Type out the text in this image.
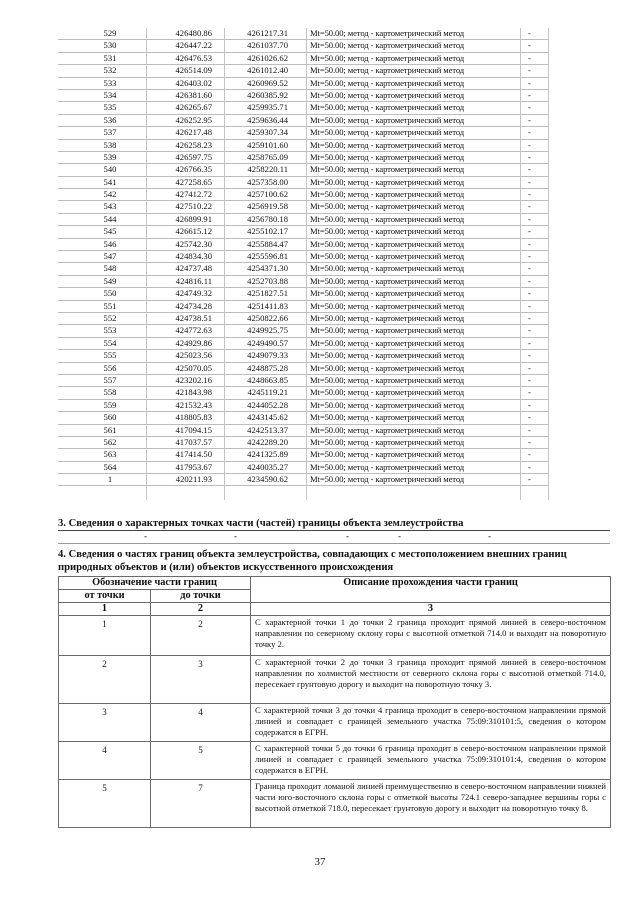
529	426480.86	4261217.31	Mt=50.00; метод - картометрический метод	-
530	426447.22	4261037.70	Mt=50.00; метод - картометрический метод	-
531	426476.53	4261026.62	Mt=50.00; метод - картометрический метод	-
532	426514.09	4261012.40	Mt=50.00; метод - картометрический метод	-
533	426403.02	4260969.52	Mt=50.00; метод - картометрический метод	-
534	426381.60	4260385.92	Mt=50.00; метод - картометрический метод	-
535	426265.67	4259935.71	Mt=50.00; метод - картометрический метод	-
536	426252.95	4259636.44	Mt=50.00; метод - картометрический метод	-
537	426217.48	4259307.34	Mt=50.00; метод - картометрический метод	-
538	426258.23	4259101.60	Mt=50.00; метод - картометрический метод	-
539	426597.75	4258765.09	Mt=50.00; метод - картометрический метод	-
540	426766.35	4258220.11	Mt=50.00; метод - картометрический метод	-
541	427258.65	4257358.00	Mt=50.00; метод - картометрический метод	-
542	427412.72	4257100.62	Mt=50.00; метод - картометрический метод	-
543	427510.22	4256919.58	Mt=50.00; метод - картометрический метод	-
544	426899.91	4256780.18	Mt=50.00; метод - картометрический метод	-
545	426615.12	4255102.17	Mt=50.00; метод - картометрический метод	-
546	425742.30	4255884.47	Mt=50.00; метод - картометрический метод	-
547	424834.30	4255596.81	Mt=50.00; метод - картометрический метод	-
548	424737.48	4254371.30	Mt=50.00; метод - картометрический метод	-
549	424816.11	4252703.88	Mt=50.00; метод - картометрический метод	-
550	424749.32	4251827.51	Mt=50.00; метод - картометрический метод	-
551	424734.28	4251411.83	Mt=50.00; метод - картометрический метод	-
552	424738.51	4250822.66	Mt=50.00; метод - картометрический метод	-
553	424772.63	4249925.75	Mt=50.00; метод - картометрический метод	-
554	424929.86	4249490.57	Mt=50.00; метод - картометрический метод	-
555	425023.56	4249079.33	Mt=50.00; метод - картометрический метод	-
556	425070.05	4248875.28	Mt=50.00; метод - картометрический метод	-
557	423202.16	4248663.85	Mt=50.00; метод - картометрический метод	-
558	421843.98	4245119.21	Mt=50.00; метод - картометрический метод	-
559	421532.43	4244052.28	Mt=50.00; метод - картометрический метод	-
560	418805.83	4243145.62	Mt=50.00; метод - картометрический метод	-
561	417094.15	4242513.37	Mt=50.00; метод - картометрический метод	-
562	417037.57	4242289.20	Mt=50.00; метод - картометрический метод	-
563	417414.50	4241325.89	Mt=50.00; метод - картометрический метод	-
564	417953.67	4240035.27	Mt=50.00; метод - картометрический метод	-
1	420211.93	4234590.62	Mt=50.00; метод - картометрический метод	-
3. Сведения о характерных точках части (частей) границы объекта землеустройства
-	-	-	-	-
4. Сведения о частях границ объекта землеустройства, совпадающих с местоположением внешних границ природных объектов и (или) объектов искусственного происхождения
Обозначение части границ		Описание прохождения части границ
от точки	до точки	
1	2	3
1	2	С характерной точки 1 до точки 2 граница проходит прямой линией в северо-восточном направлении по северному склону горы с высотной отметкой 714.0 и выходит на поворотную точку 2.
2	3	С характерной точки 2 до точки 3 граница проходит прямой линией в северо-восточном направлении по холмистой местности от северного склона горы с высотной отметкой 714.0, пересекает грунтовую дорогу и выходит на поворотную точку 3.
3	4	С характерной точки 3 до точки 4 граница проходит в северо-восточном направлении прямой линией и совпадает с границей земельного участка 75:09:310101:5, сведения о котором содержатся в ЕГРН.
4	5	С характерной точки 5 до точки 6 граница проходит в северо-восточном направлении прямой линией и совпадает с границей земельного участка 75:09:310101:4, сведения о котором содержатся в ЕГРН.
5	7	Граница проходит ломаной линией преимущественно в северо-восточном направлении нижней части юго-восточного склона горы с отметкой высоты 724.1 северо-западнее вершины горы с высотной отметкой 718.0, пересекает грунтовую дорогу и выходит на поворотную точку 8.
37
